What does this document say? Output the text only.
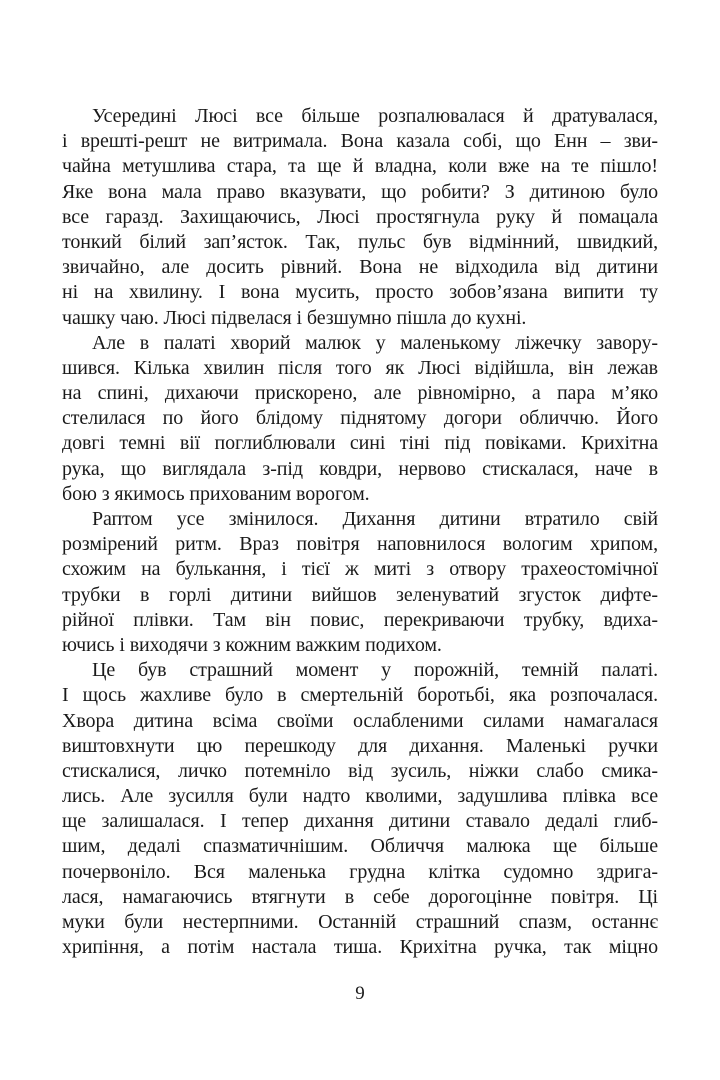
Усередині Люсі все більше розпалювалася й дратувалася,
і врешті-решт не витримала. Вона казала собі, що Енн – зви-
чайна метушлива стара, та ще й владна, коли вже на те пішло!
Яке вона мала право вказувати, що робити? З дитиною було
все гаразд. Захищаючись, Люсі простягнула руку й помацала
тонкий білий зап’ясток. Так, пульс був відмінний, швидкий,
звичайно, але досить рівний. Вона не відходила від дитини
ні на хвилину. І вона мусить, просто зобов’язана випити ту
чашку чаю. Люсі підвелася і безшумно пішла до кухні.
Але в палаті хворий малюк у маленькому ліжечку завору-
шився. Кілька хвилин після того як Люсі відійшла, він лежав
на спині, дихаючи прискорено, але рівномірно, а пара м’яко
стелилася по його блідому піднятому догори обличчю. Його
довгі темні вії поглиблювали сині тіні під повіками. Крихітна
рука, що виглядала з-під ковдри, нервово стискалася, наче в
бою з якимось прихованим ворогом.
Раптом усе змінилося. Дихання дитини втратило свій
розмірений ритм. Враз повітря наповнилося вологим хрипом,
схожим на булькання, і тієї ж миті з отвору трахеостомічної
трубки в горлі дитини вийшов зеленуватий згусток дифте-
рійної плівки. Там він повис, перекриваючи трубку, вдиха-
ючись і виходячи з кожним важким подихом.
Це був страшний момент у порожній, темній палаті.
І щось жахливе було в смертельній боротьбі, яка розпочалася.
Хвора дитина всіма своїми ослабленими силами намагалася
виштовхнути цю перешкоду для дихання. Маленькі ручки
стискалися, личко потемніло від зусиль, ніжки слабо смика-
лись. Але зусилля були надто кволими, задушлива плівка все
ще залишалася. І тепер дихання дитини ставало дедалі глиб-
шим, дедалі спазматичнішим. Обличчя малюка ще більше
почервоніло. Вся маленька грудна клітка судомно здрига-
лася, намагаючись втягнути в себе дорогоцінне повітря. Ці
муки були нестерпними. Останній страшний спазм, останнє
хрипіння, а потім настала тиша. Крихітна ручка, так міцно
9
